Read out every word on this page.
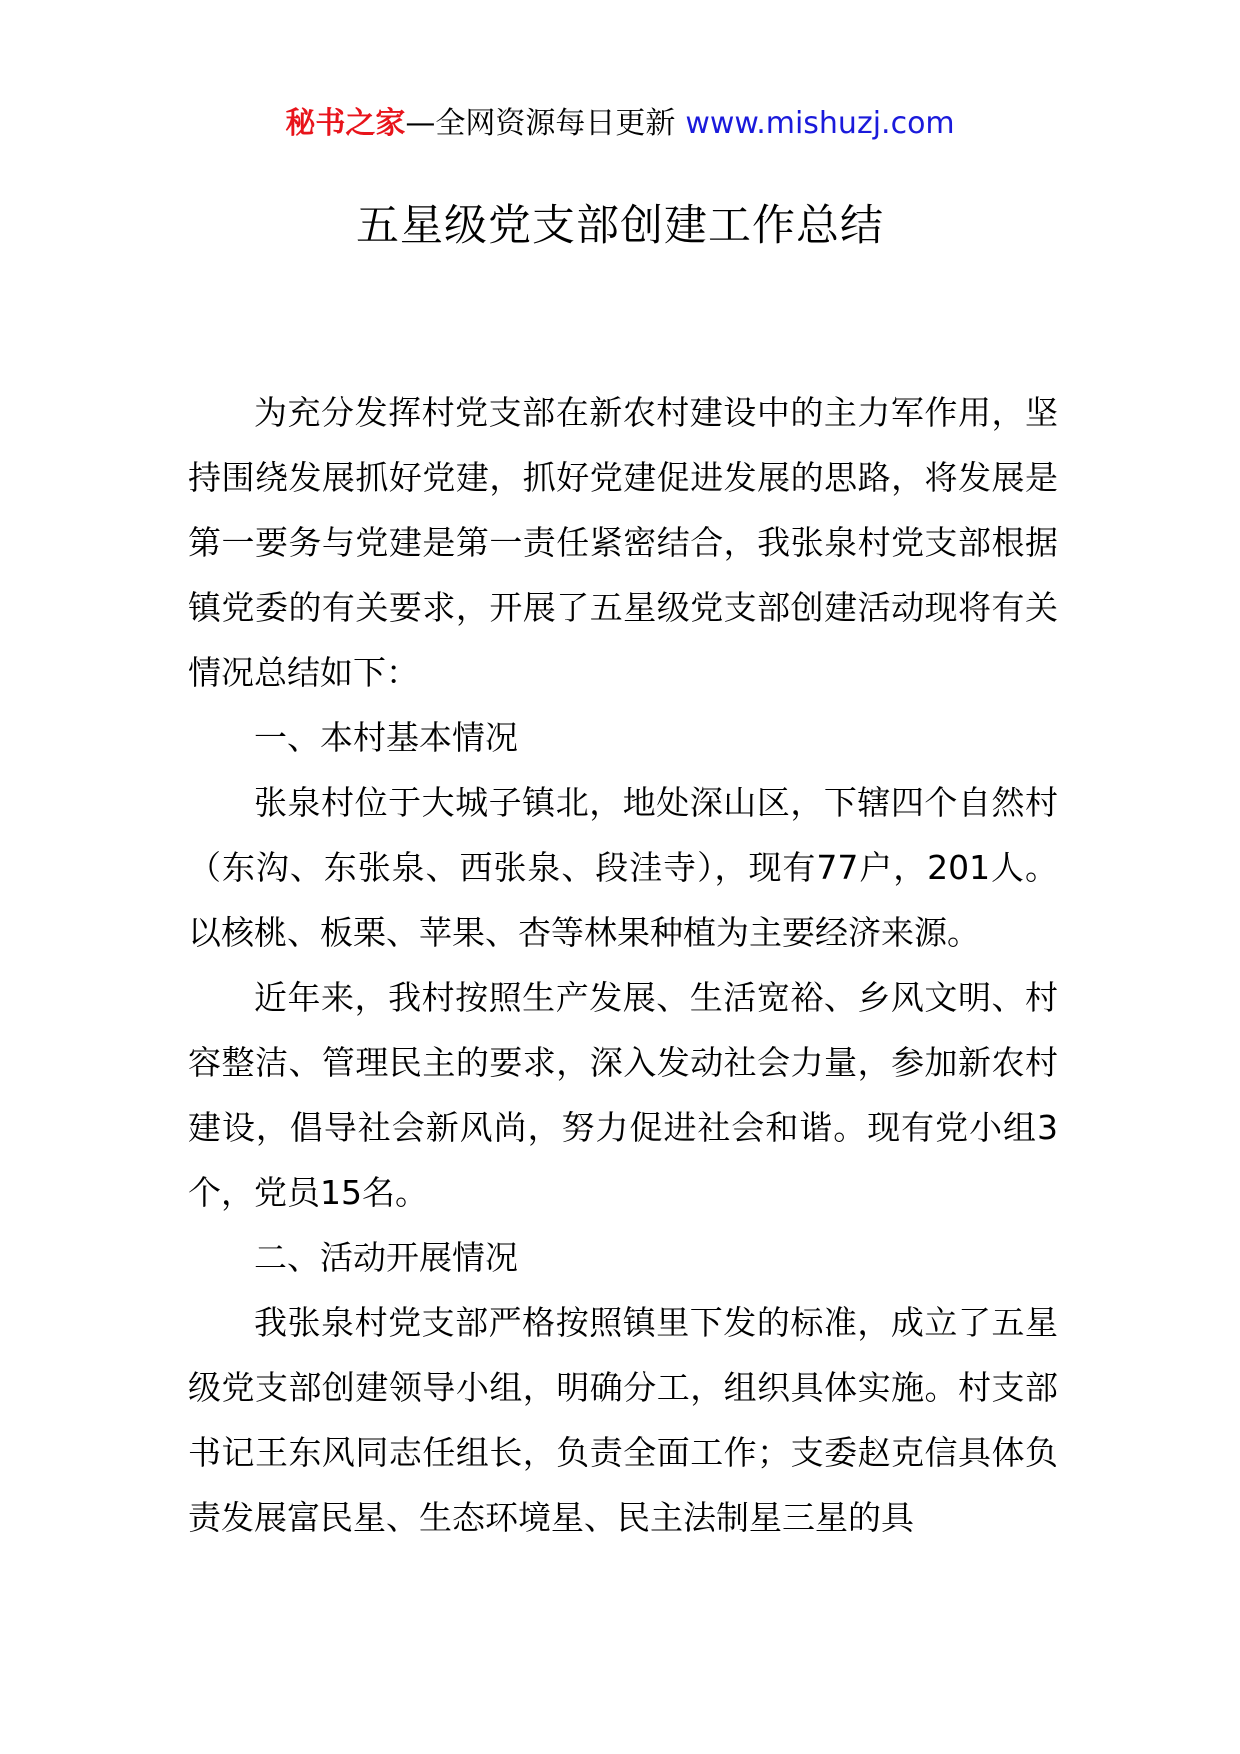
秘书之家—全网资源每日更新 www.mishuzj.com
五星级党支部创建工作总结

为充分发挥村党支部在新农村建设中的主力军作用，坚持围绕发展抓好党建，抓好党建促进发展的思路，将发展是第一要务与党建是第一责任紧密结合，我张泉村党支部根据镇党委的有关要求，开展了五星级党支部创建活动现将有关情况总结如下：

一、本村基本情况

张泉村位于大城子镇北，地处深山区，下辖四个自然村（东沟、东张泉、西张泉、段洼寺），现有77户，201人。以核桃、板栗、苹果、杏等林果种植为主要经济来源。

近年来，我村按照生产发展、生活宽裕、乡风文明、村容整洁、管理民主的要求，深入发动社会力量，参加新农村建设，倡导社会新风尚，努力促进社会和谐。现有党小组3个，党员15名。

二、活动开展情况

我张泉村党支部严格按照镇里下发的标准，成立了五星级党支部创建领导小组，明确分工，组织具体实施。村支部书记王东风同志任组长，负责全面工作；支委赵克信具体负责发展富民星、生态环境星、民主法制星三星的具
